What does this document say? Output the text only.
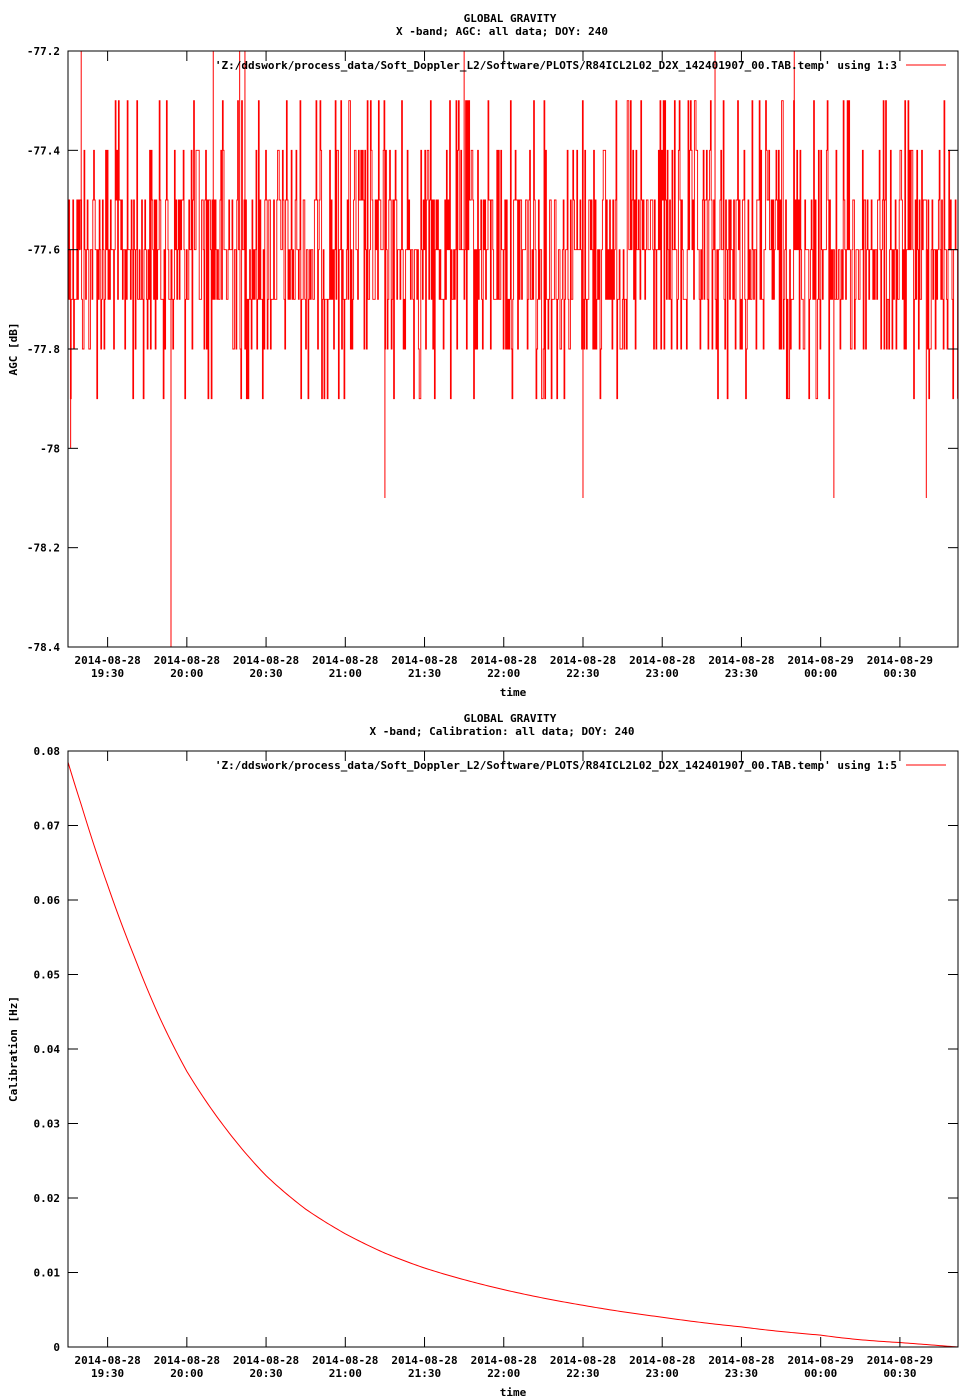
GLOBAL GRAVITY
X -band; AGC: all data; DOY: 240
-77.2
-77.4
-77.6
-77.8
-78
-78.2
-78.4
2014-08-28
19:30
2014-08-28
20:00
2014-08-28
20:30
2014-08-28
21:00
2014-08-28
21:30
2014-08-28
22:00
2014-08-28
22:30
2014-08-28
23:00
2014-08-28
23:30
2014-08-29
00:00
2014-08-29
00:30
time
AGC [dB]
'Z:/ddswork/process_data/Soft_Doppler_L2/Software/PLOTS/R84ICL2L02_D2X_142401907_00.TAB.temp' using 1:3
GLOBAL GRAVITY
X -band; Calibration: all data; DOY: 240
0.08
0.07
0.06
0.05
0.04
0.03
0.02
0.01
0
2014-08-28
19:30
2014-08-28
20:00
2014-08-28
20:30
2014-08-28
21:00
2014-08-28
21:30
2014-08-28
22:00
2014-08-28
22:30
2014-08-28
23:00
2014-08-28
23:30
2014-08-29
00:00
2014-08-29
00:30
time
Calibration [Hz]
'Z:/ddswork/process_data/Soft_Doppler_L2/Software/PLOTS/R84ICL2L02_D2X_142401907_00.TAB.temp' using 1:5
